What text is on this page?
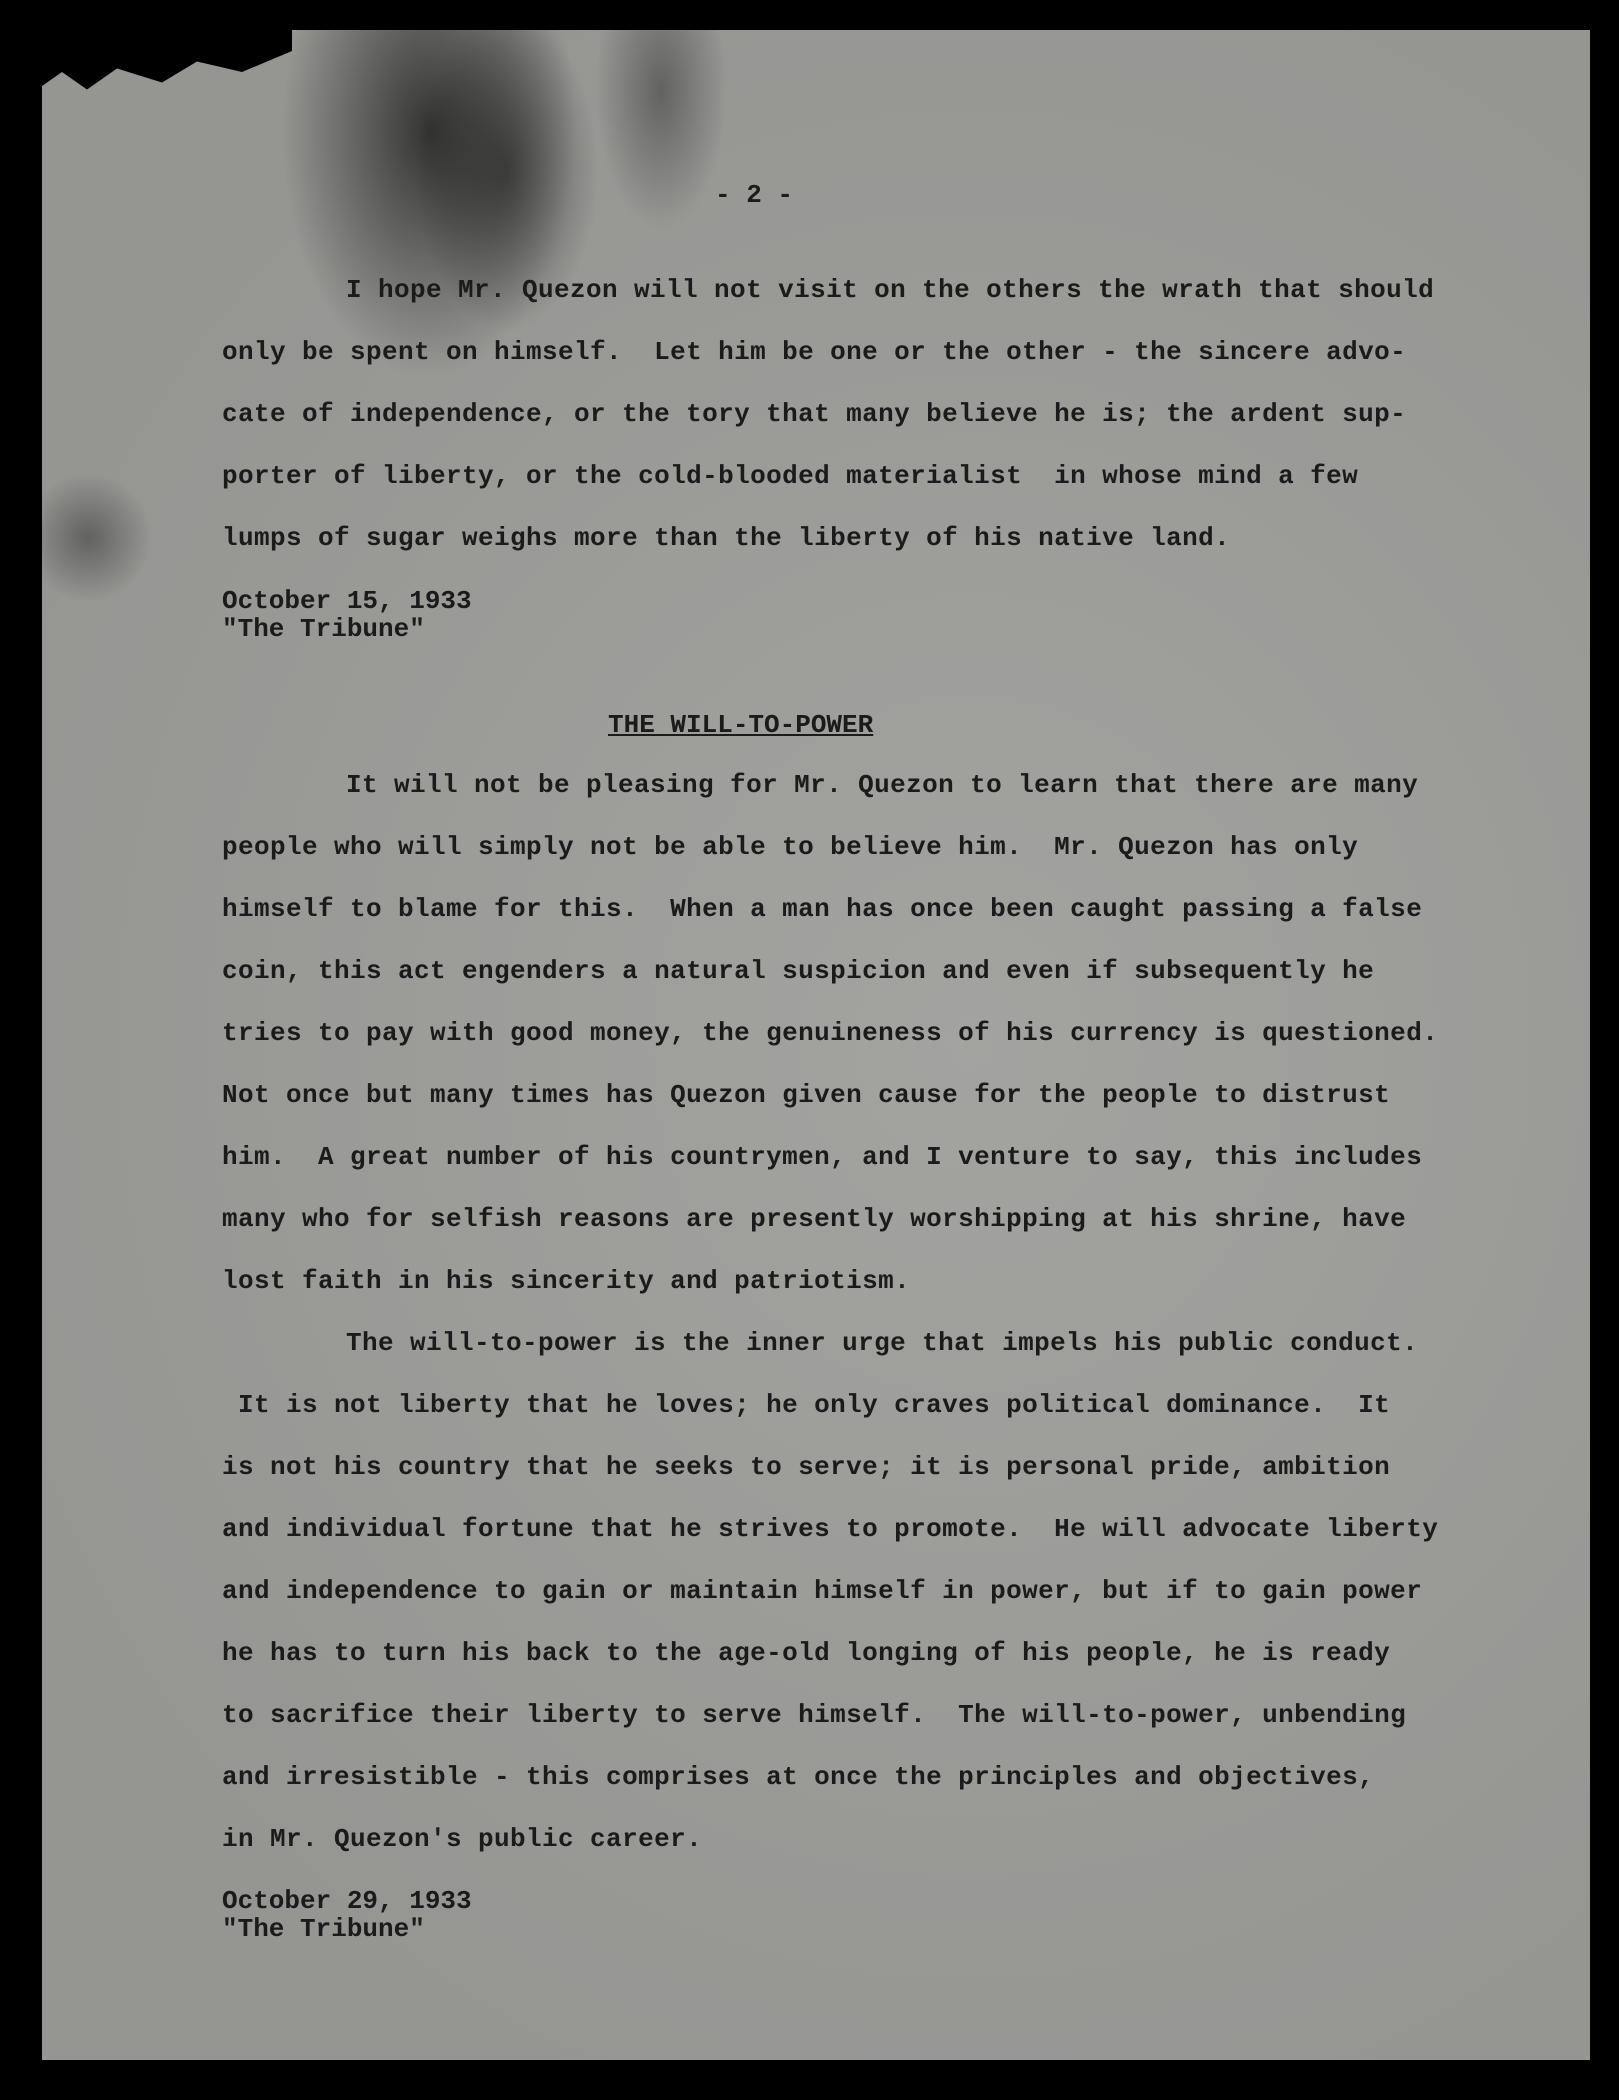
- 2 -
I hope Mr. Quezon will not visit on the others the wrath that should
only be spent on himself.  Let him be one or the other - the sincere advo-
cate of independence, or the tory that many believe he is; the ardent sup-
porter of liberty, or the cold-blooded materialist  in whose mind a few
lumps of sugar weighs more than the liberty of his native land.
October 15, 1933
"The Tribune"
THE WILL-TO-POWER
It will not be pleasing for Mr. Quezon to learn that there are many
people who will simply not be able to believe him.  Mr. Quezon has only
himself to blame for this.  When a man has once been caught passing a false
coin, this act engenders a natural suspicion and even if subsequently he
tries to pay with good money, the genuineness of his currency is questioned.
Not once but many times has Quezon given cause for the people to distrust
him.  A great number of his countrymen, and I venture to say, this includes
many who for selfish reasons are presently worshipping at his shrine, have
lost faith in his sincerity and patriotism.
The will-to-power is the inner urge that impels his public conduct.
It is not liberty that he loves; he only craves political dominance.  It
is not his country that he seeks to serve; it is personal pride, ambition
and individual fortune that he strives to promote.  He will advocate liberty
and independence to gain or maintain himself in power, but if to gain power
he has to turn his back to the age-old longing of his people, he is ready
to sacrifice their liberty to serve himself.  The will-to-power, unbending
and irresistible - this comprises at once the principles and objectives,
in Mr. Quezon's public career.
October 29, 1933
"The Tribune"
